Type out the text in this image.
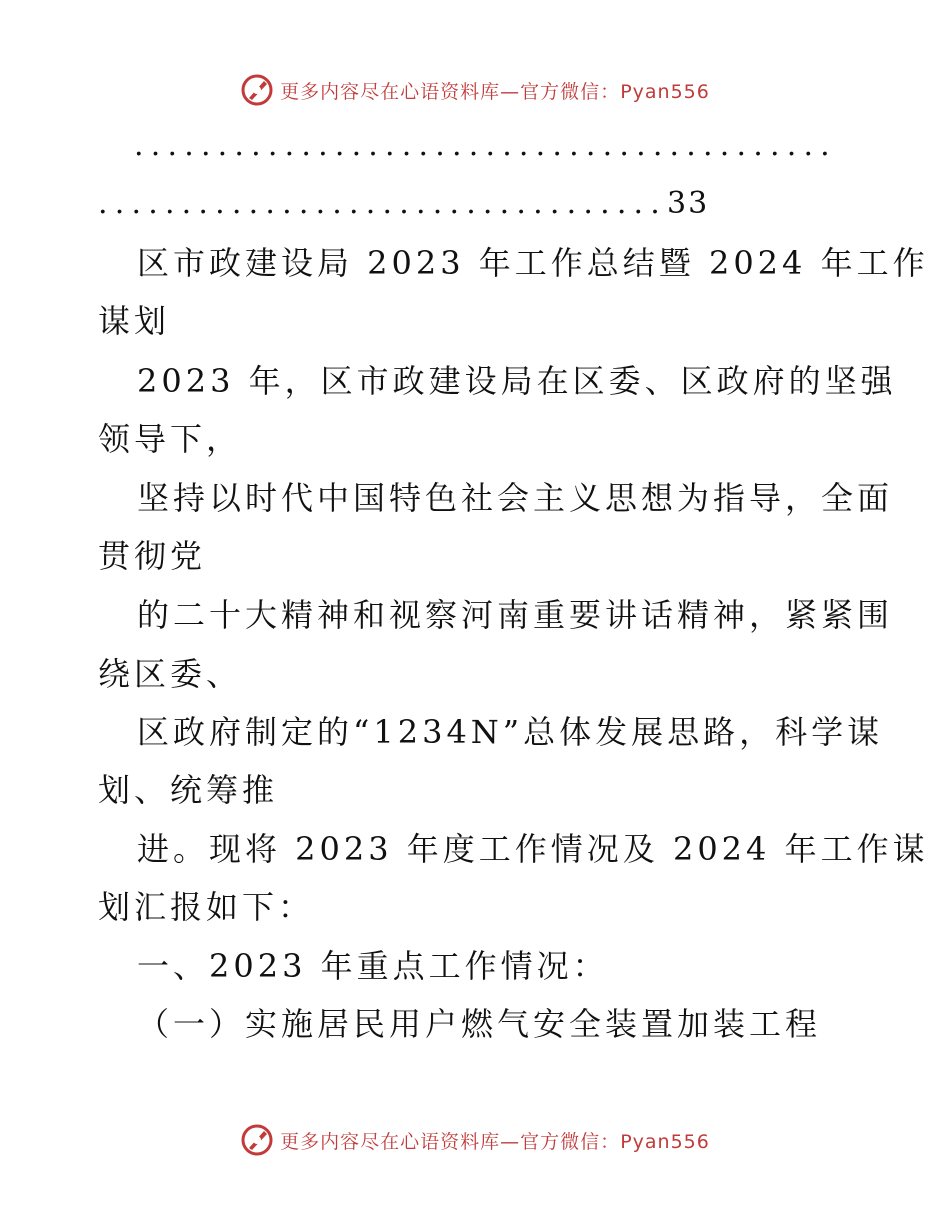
更多内容尽在心语资料库—官方微信：Pyan556
..........................................
..................................33
区市政建设局 2023 年工作总结暨 2024 年工作
谋划
2023 年，区市政建设局在区委、区政府的坚强
领导下，
坚持以时代中国特色社会主义思想为指导，全面
贯彻党
的二十大精神和视察河南重要讲话精神，紧紧围
绕区委、
区政府制定的“1234N”总体发展思路，科学谋
划、统筹推
进。现将 2023 年度工作情况及 2024 年工作谋
划汇报如下：
一、2023 年重点工作情况：
（一）实施居民用户燃气安全装置加装工程
更多内容尽在心语资料库—官方微信：Pyan556
